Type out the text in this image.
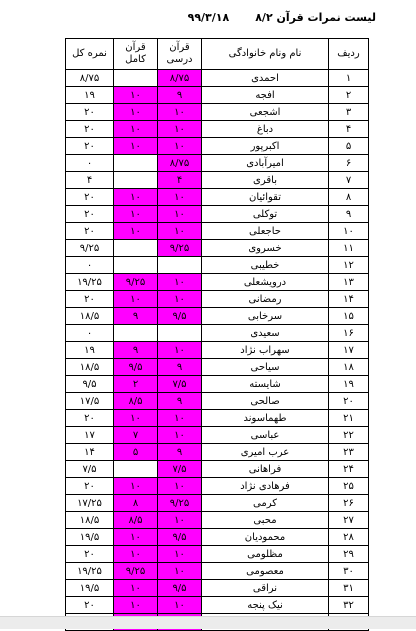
لیست نمرات قرآن ۸/۲
۹۹/۳/۱۸
ردیف	نام ونام خانوادگی	قرآن درسی	قرآن کامل	نمره کل
۱	احمدی	۸/۷۵		۸/۷۵
۲	افجه	۹	۱۰	۱۹
۳	اشجعی	۱۰	۱۰	۲۰
۴	دباغ	۱۰	۱۰	۲۰
۵	اکبرپور	۱۰	۱۰	۲۰
۶	امیرآبادی	۸/۷۵		۰
۷	باقری	۴		۴
۸	تقوائیان	۱۰	۱۰	۲۰
۹	توکلی	۱۰	۱۰	۲۰
۱۰	حاجعلی	۱۰	۱۰	۲۰
۱۱	خسروی	۹/۲۵		۹/۲۵
۱۲	خطیبی			۰
۱۳	درویشعلی	۱۰	۹/۲۵	۱۹/۲۵
۱۴	رمضانی	۱۰	۱۰	۲۰
۱۵	سرخابی	۹/۵	۹	۱۸/۵
۱۶	سعیدی			۰
۱۷	سهراب نژاد	۱۰	۹	۱۹
۱۸	سیاحی	۹	۹/۵	۱۸/۵
۱۹	شایسته	۷/۵	۲	۹/۵
۲۰	صالحی	۹	۸/۵	۱۷/۵
۲۱	طهماسوند	۱۰	۱۰	۲۰
۲۲	عباسی	۱۰	۷	۱۷
۲۳	عرب امیری	۹	۵	۱۴
۲۴	فراهانی	۷/۵		۷/۵
۲۵	فرهادی نژاد	۱۰	۱۰	۲۰
۲۶	کرمی	۹/۲۵	۸	۱۷/۲۵
۲۷	محبی	۱۰	۸/۵	۱۸/۵
۲۸	محمودیان	۹/۵	۱۰	۱۹/۵
۲۹	مظلومی	۱۰	۱۰	۲۰
۳۰	معصومی	۱۰	۹/۲۵	۱۹/۲۵
۳۱	نراقی	۹/۵	۱۰	۱۹/۵
۳۲	نیک پنجه	۱۰	۱۰	۲۰
